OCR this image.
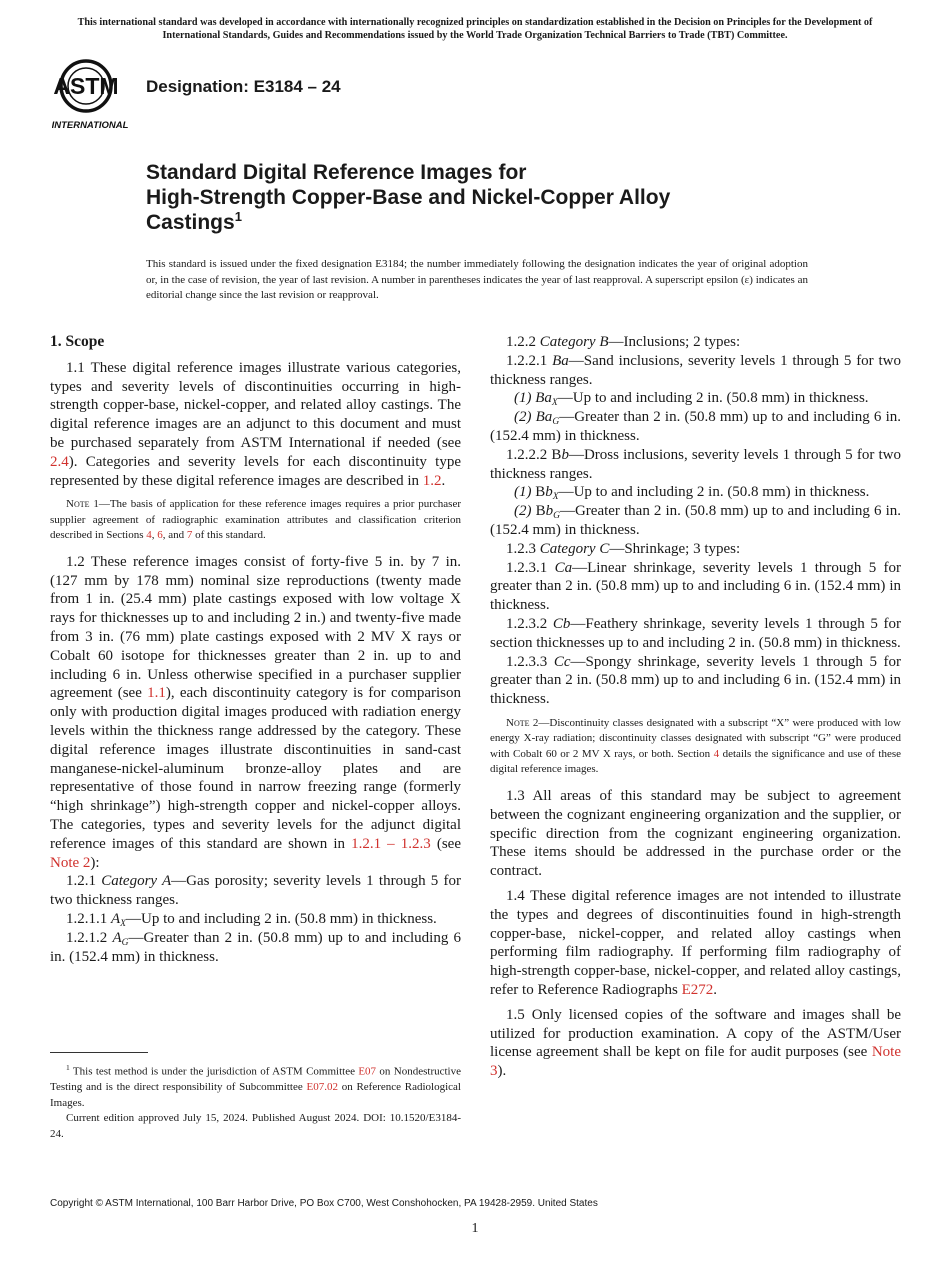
This international standard was developed in accordance with internationally recognized principles on standardization established in the Decision on Principles for the Development of International Standards, Guides and Recommendations issued by the World Trade Organization Technical Barriers to Trade (TBT) Committee.
ASTM
INTERNATIONAL
Designation: E3184 – 24
Standard Digital Reference Images for
High-Strength Copper-Base and Nickel-Copper Alloy
Castings$^1$
This standard is issued under the fixed designation E3184; the number immediately following the designation indicates the year of original adoption or, in the case of revision, the year of last revision. A number in parentheses indicates the year of last reapproval. A superscript epsilon (ε) indicates an editorial change since the last revision or reapproval.

1. Scope

1.1 These digital reference images illustrate various categories, types and severity levels of discontinuities occurring in high-strength copper-base, nickel-copper, and related alloy castings. The digital reference images are an adjunct to this document and must be purchased separately from ASTM International if needed (see 2.4). Categories and severity levels for each discontinuity type represented by these digital reference images are described in 1.2.

Note 1—The basis of application for these reference images requires a prior purchaser supplier agreement of radiographic examination attributes and classification criterion described in Sections 4, 6, and 7 of this standard.

1.2 These reference images consist of forty-five 5 in. by 7 in. (127 mm by 178 mm) nominal size reproductions (twenty made from 1 in. (25.4 mm) plate castings exposed with low voltage X rays for thicknesses up to and including 2 in.) and twenty-five made from 3 in. (76 mm) plate castings exposed with 2 MV X rays or Cobalt 60 isotope for thicknesses greater than 2 in. up to and including 6 in. Unless otherwise specified in a purchaser supplier agreement (see 1.1), each discontinuity category is for comparison only with production digital images produced with radiation energy levels within the thickness range addressed by the category. These digital reference images illustrate discontinuities in sand-cast manganese-nickel-aluminum bronze-alloy plates and are representative of those found in narrow freezing range (formerly “high shrinkage”) high-strength copper and nickel-copper alloys. The categories, types and severity levels for the adjunct digital reference images of this standard are shown in 1.2.1 – 1.2.3 (see Note 2):

1.2.1 Category A—Gas porosity; severity levels 1 through 5 for two thickness ranges.

1.2.1.1 $A_X—Up$ to and including 2 in. (50.8 mm) in thickness.

1.2.1.2 $A_G—Greater$ than 2 in. (50.8 mm) up to and including 6 in. (152.4 mm) in thickness.

$^1$ This test method is under the jurisdiction of ASTM Committee E07 on Nondestructive Testing and is the direct responsibility of Subcommittee E07.02 on Reference Radiological Images.

Current edition approved July 15, 2024. Published August 2024. DOI: 10.1520/E3184-24.

1.2.2 Category B—Inclusions; 2 types:

1.2.2.1 Ba—Sand inclusions, severity levels 1 through 5 for two thickness ranges.

(1) $Ba_X—Up$ to and including 2 in. (50.8 mm) in thickness.

(2) $Ba_G—Greater$ than 2 in. (50.8 mm) up to and including 6 in. (152.4 mm) in thickness.

1.2.2.2 Bb—Dross inclusions, severity levels 1 through 5 for two thickness ranges.

(1) $Bb_X—Up$ to and including 2 in. (50.8 mm) in thickness.

(2) $Bb_G—Greater$ than 2 in. (50.8 mm) up to and including 6 in. (152.4 mm) in thickness.

1.2.3 Category C—Shrinkage; 3 types:

1.2.3.1 Ca—Linear shrinkage, severity levels 1 through 5 for greater than 2 in. (50.8 mm) up to and including 6 in. (152.4 mm) in thickness.

1.2.3.2 Cb—Feathery shrinkage, severity levels 1 through 5 for section thicknesses up to and including 2 in. (50.8 mm) in thickness.

1.2.3.3 Cc—Spongy shrinkage, severity levels 1 through 5 for greater than 2 in. (50.8 mm) up to and including 6 in. (152.4 mm) in thickness.

Note 2—Discontinuity classes designated with a subscript “X” were produced with low energy X-ray radiation; discontinuity classes designated with subscript “G” were produced with Cobalt 60 or 2 MV X rays, or both. Section 4 details the significance and use of these digital reference images.

1.3 All areas of this standard may be subject to agreement between the cognizant engineering organization and the supplier, or specific direction from the cognizant engineering organization. These items should be addressed in the purchase order or the contract.

1.4 These digital reference images are not intended to illustrate the types and degrees of discontinuities found in high-strength copper-base, nickel-copper, and related alloy castings when performing film radiography. If performing film radiography of high-strength copper-base, nickel-copper, and related alloy castings, refer to Reference Radiographs E272.

1.5 Only licensed copies of the software and images shall be utilized for production examination. A copy of the ASTM/User license agreement shall be kept on file for audit purposes (see Note 3).

Copyright © ASTM International, 100 Barr Harbor Drive, PO Box C700, West Conshohocken, PA 19428-2959. United States
1
